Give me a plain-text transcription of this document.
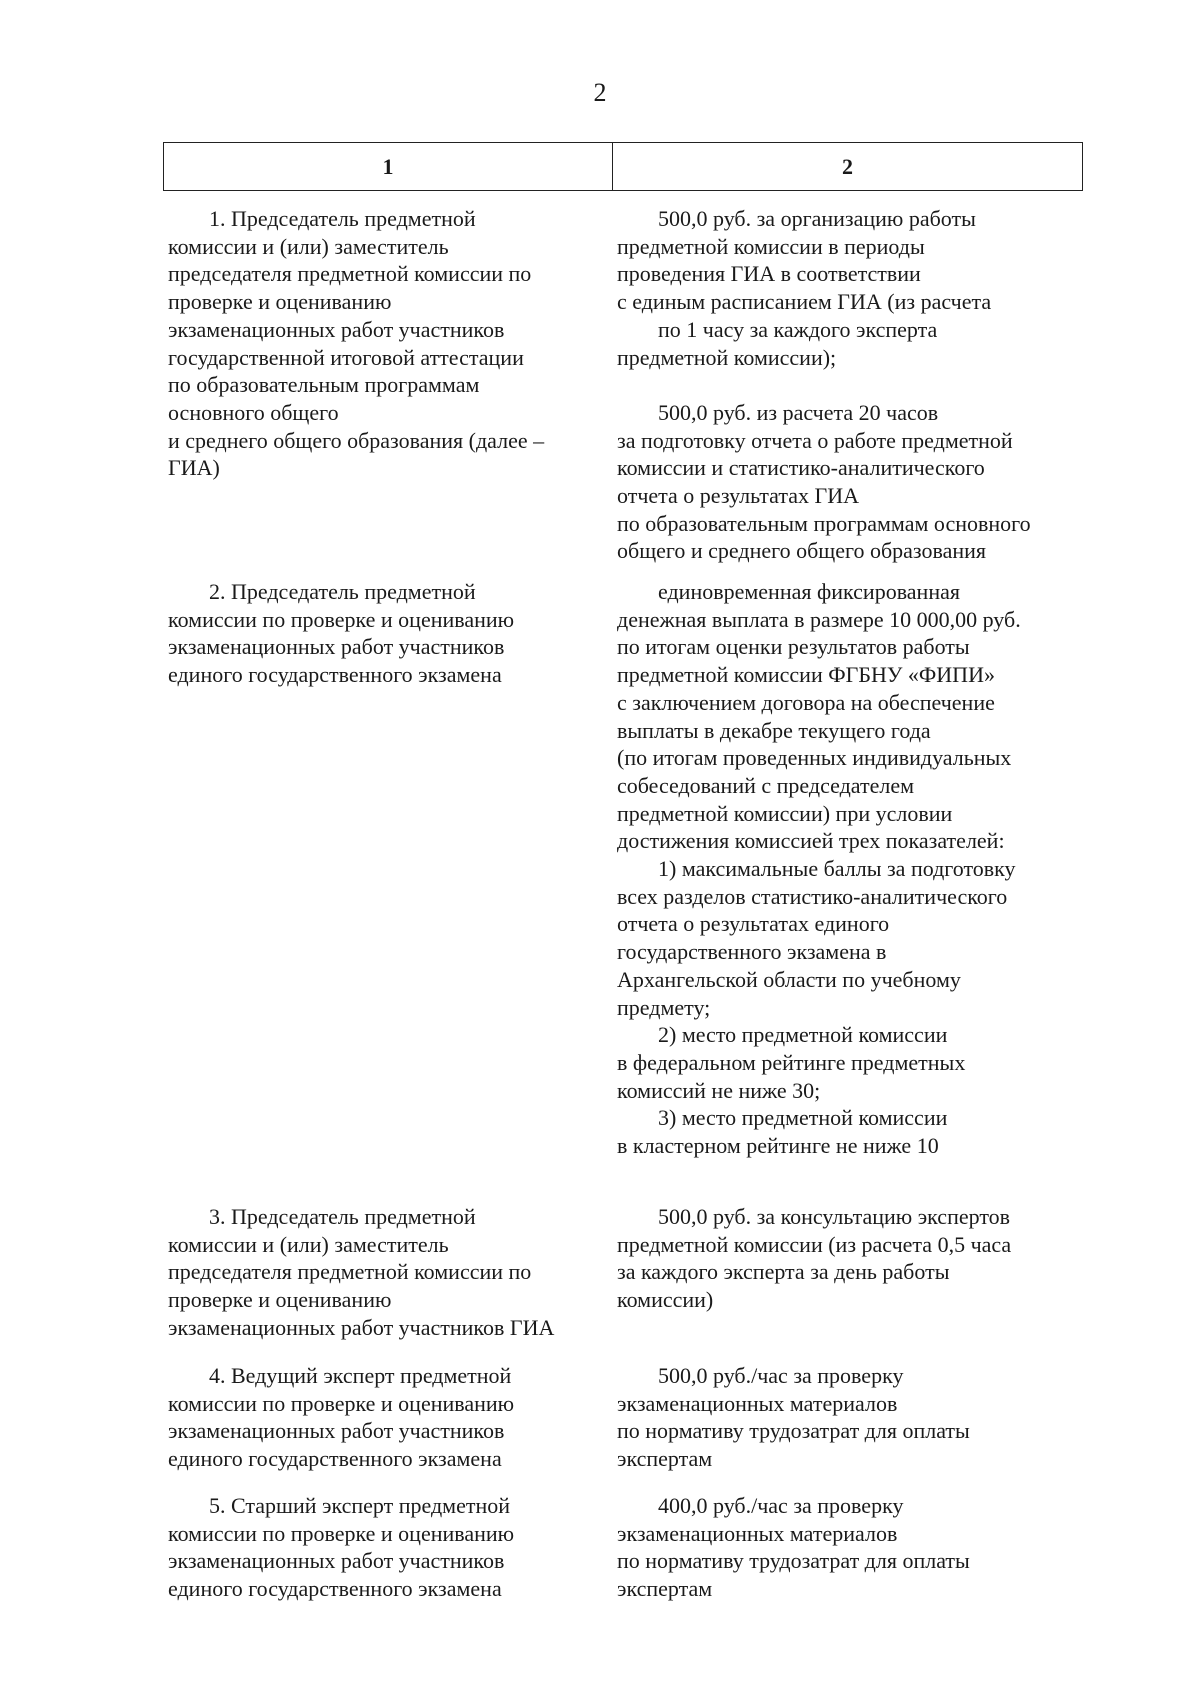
2
1	2
1. Председатель предметной
комиссии и (или) заместитель
председателя предметной комиссии по
проверке и оцениванию
экзаменационных работ участников
государственной итоговой аттестации
по образовательным программам
основного общего
и среднего общего образования (далее –
ГИА)
500,0 руб. за организацию работы
предметной комиссии в периоды
проведения ГИА в соответствии
с единым расписанием ГИА (из расчета
по 1 часу за каждого эксперта
предметной комиссии);

500,0 руб. из расчета 20 часов
за подготовку отчета о работе предметной
комиссии и статистико-аналитического
отчета о результатах ГИА
по образовательным программам основного
общего и среднего общего образования
2. Председатель предметной
комиссии по проверке и оцениванию
экзаменационных работ участников
единого государственного экзамена
единовременная фиксированная
денежная выплата в размере 10 000,00 руб.
по итогам оценки результатов работы
предметной комиссии ФГБНУ «ФИПИ»
с заключением договора на обеспечение
выплаты в декабре текущего года
(по итогам проведенных индивидуальных
собеседований с председателем
предметной комиссии) при условии
достижения комиссией трех показателей:
1) максимальные баллы за подготовку
всех разделов статистико-аналитического
отчета о результатах единого
государственного экзамена в
Архангельской области по учебному
предмету;
2) место предметной комиссии
в федеральном рейтинге предметных
комиссий не ниже 30;
3) место предметной комиссии
в кластерном рейтинге не ниже 10
3. Председатель предметной
комиссии и (или) заместитель
председателя предметной комиссии по
проверке и оцениванию
экзаменационных работ участников ГИА
500,0 руб. за консультацию экспертов
предметной комиссии (из расчета 0,5 часа
за каждого эксперта за день работы
комиссии)
4. Ведущий эксперт предметной
комиссии по проверке и оцениванию
экзаменационных работ участников
единого государственного экзамена
500,0 руб./час за проверку
экзаменационных материалов
по нормативу трудозатрат для оплаты
экспертам
5. Старший эксперт предметной
комиссии по проверке и оцениванию
экзаменационных работ участников
единого государственного экзамена
400,0 руб./час за проверку
экзаменационных материалов
по нормативу трудозатрат для оплаты
экспертам
